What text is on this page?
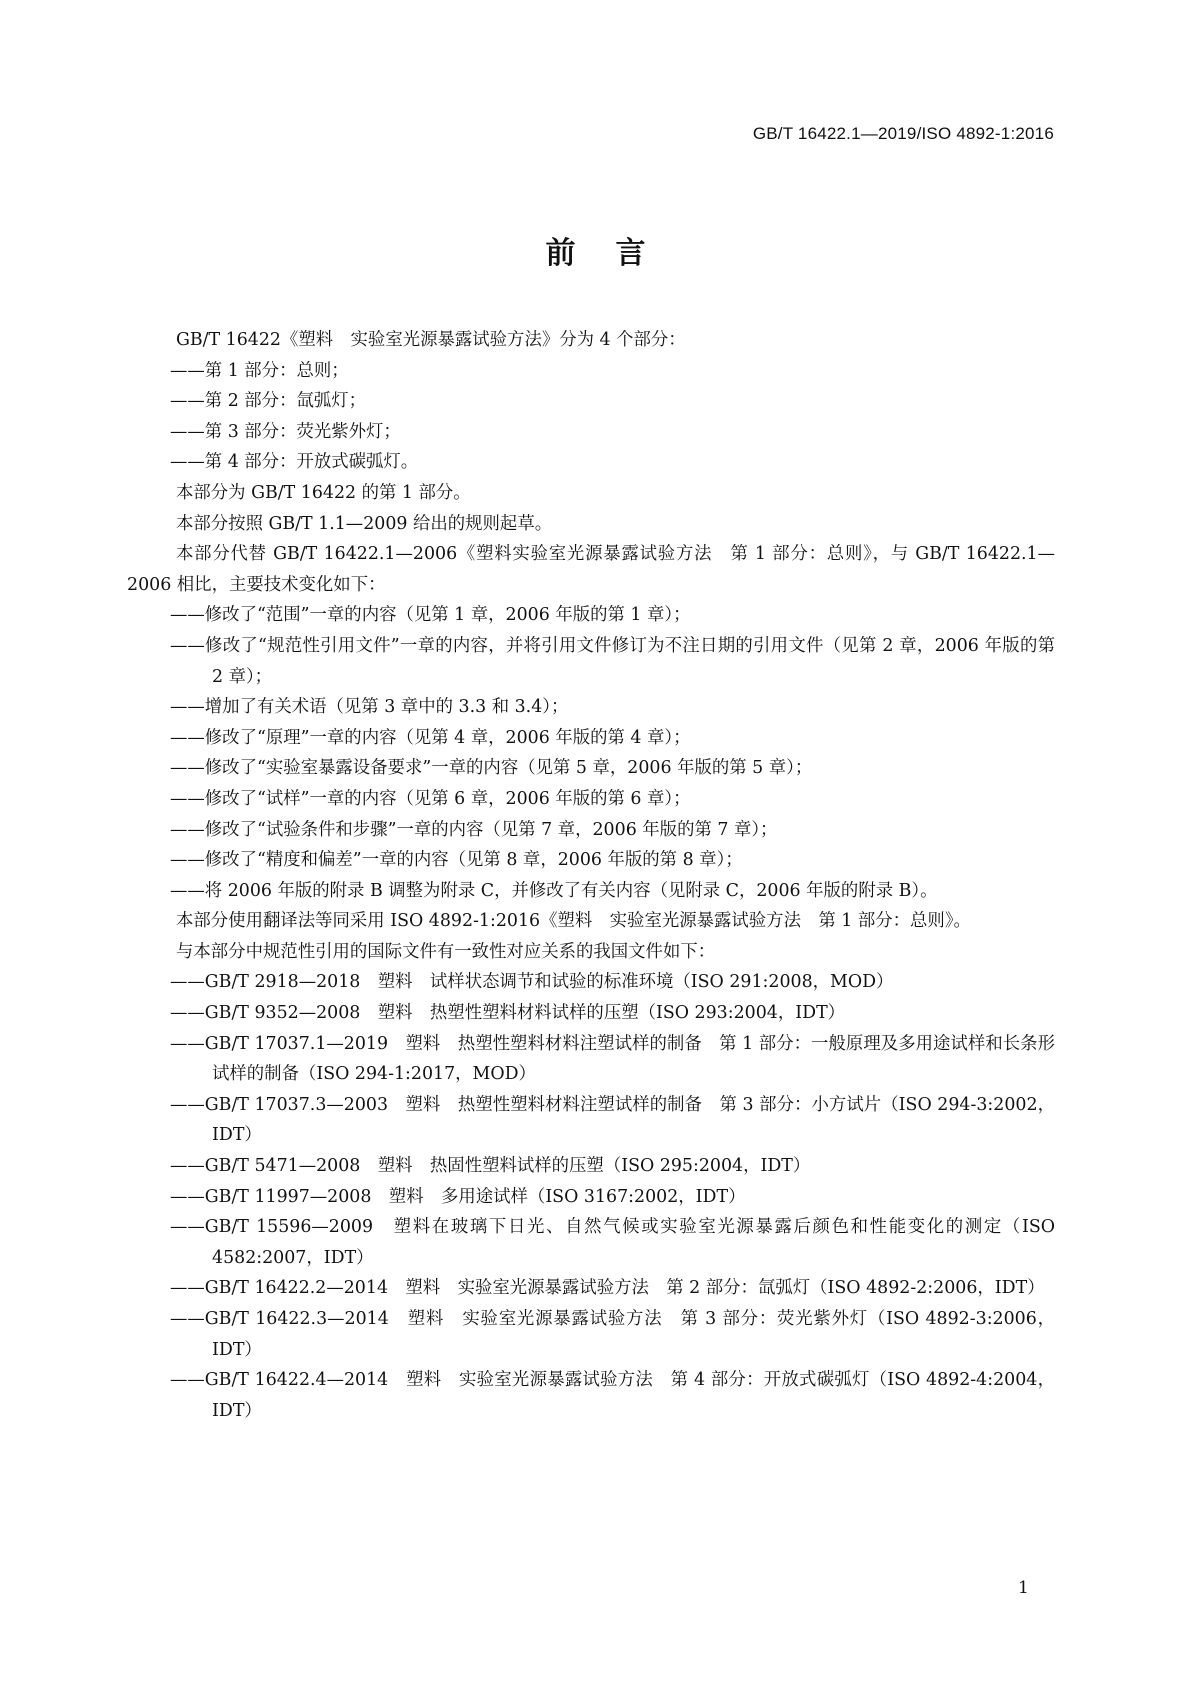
GB/T 16422.1—2019/ISO 4892-1:2016
前言

GB/T 16422《塑料　实验室光源暴露试验方法》分为 4 个部分：

——第 1 部分：总则；

——第 2 部分：氙弧灯；

——第 3 部分：荧光紫外灯；

——第 4 部分：开放式碳弧灯。

本部分为 GB/T 16422 的第 1 部分。

本部分按照 GB/T 1.1—2009 给出的规则起草。

本部分代替 GB/T 16422.1—2006《塑料实验室光源暴露试验方法　第 1 部分：总则》，与 GB/T 16422.1—2006 相比，主要技术变化如下：

——修改了“范围”一章的内容（见第 1 章，2006 年版的第 1 章）；

——修改了“规范性引用文件”一章的内容，并将引用文件修订为不注日期的引用文件（见第 2 章，2006 年版的第 2 章）；

——增加了有关术语（见第 3 章中的 3.3 和 3.4）；

——修改了“原理”一章的内容（见第 4 章，2006 年版的第 4 章）；

——修改了“实验室暴露设备要求”一章的内容（见第 5 章，2006 年版的第 5 章）；

——修改了“试样”一章的内容（见第 6 章，2006 年版的第 6 章）；

——修改了“试验条件和步骤”一章的内容（见第 7 章，2006 年版的第 7 章）；

——修改了“精度和偏差”一章的内容（见第 8 章，2006 年版的第 8 章）；

——将 2006 年版的附录 B 调整为附录 C，并修改了有关内容（见附录 C，2006 年版的附录 B）。

本部分使用翻译法等同采用 ISO 4892-1:2016《塑料　实验室光源暴露试验方法　第 1 部分：总则》。

与本部分中规范性引用的国际文件有一致性对应关系的我国文件如下：

——GB/T 2918—2018　塑料　试样状态调节和试验的标准环境（ISO 291:2008，MOD）

——GB/T 9352—2008　塑料　热塑性塑料材料试样的压塑（ISO 293:2004，IDT）

——GB/T 17037.1—2019　塑料　热塑性塑料材料注塑试样的制备　第 1 部分：一般原理及多用途试样和长条形试样的制备（ISO 294-1:2017，MOD）

——GB/T 17037.3—2003　塑料　热塑性塑料材料注塑试样的制备　第 3 部分：小方试片（ISO 294-3:2002，IDT）

——GB/T 5471—2008　塑料　热固性塑料试样的压塑（ISO 295:2004，IDT）

——GB/T 11997—2008　塑料　多用途试样（ISO 3167:2002，IDT）

——GB/T 15596—2009　塑料在玻璃下日光、自然气候或实验室光源暴露后颜色和性能变化的测定（ISO 4582:2007，IDT）

——GB/T 16422.2—2014　塑料　实验室光源暴露试验方法　第 2 部分：氙弧灯（ISO 4892-2:2006，IDT）

——GB/T 16422.3—2014　塑料　实验室光源暴露试验方法　第 3 部分：荧光紫外灯（ISO 4892-3:2006，IDT）

——GB/T 16422.4—2014　塑料　实验室光源暴露试验方法　第 4 部分：开放式碳弧灯（ISO 4892-4:2004，IDT）

1
